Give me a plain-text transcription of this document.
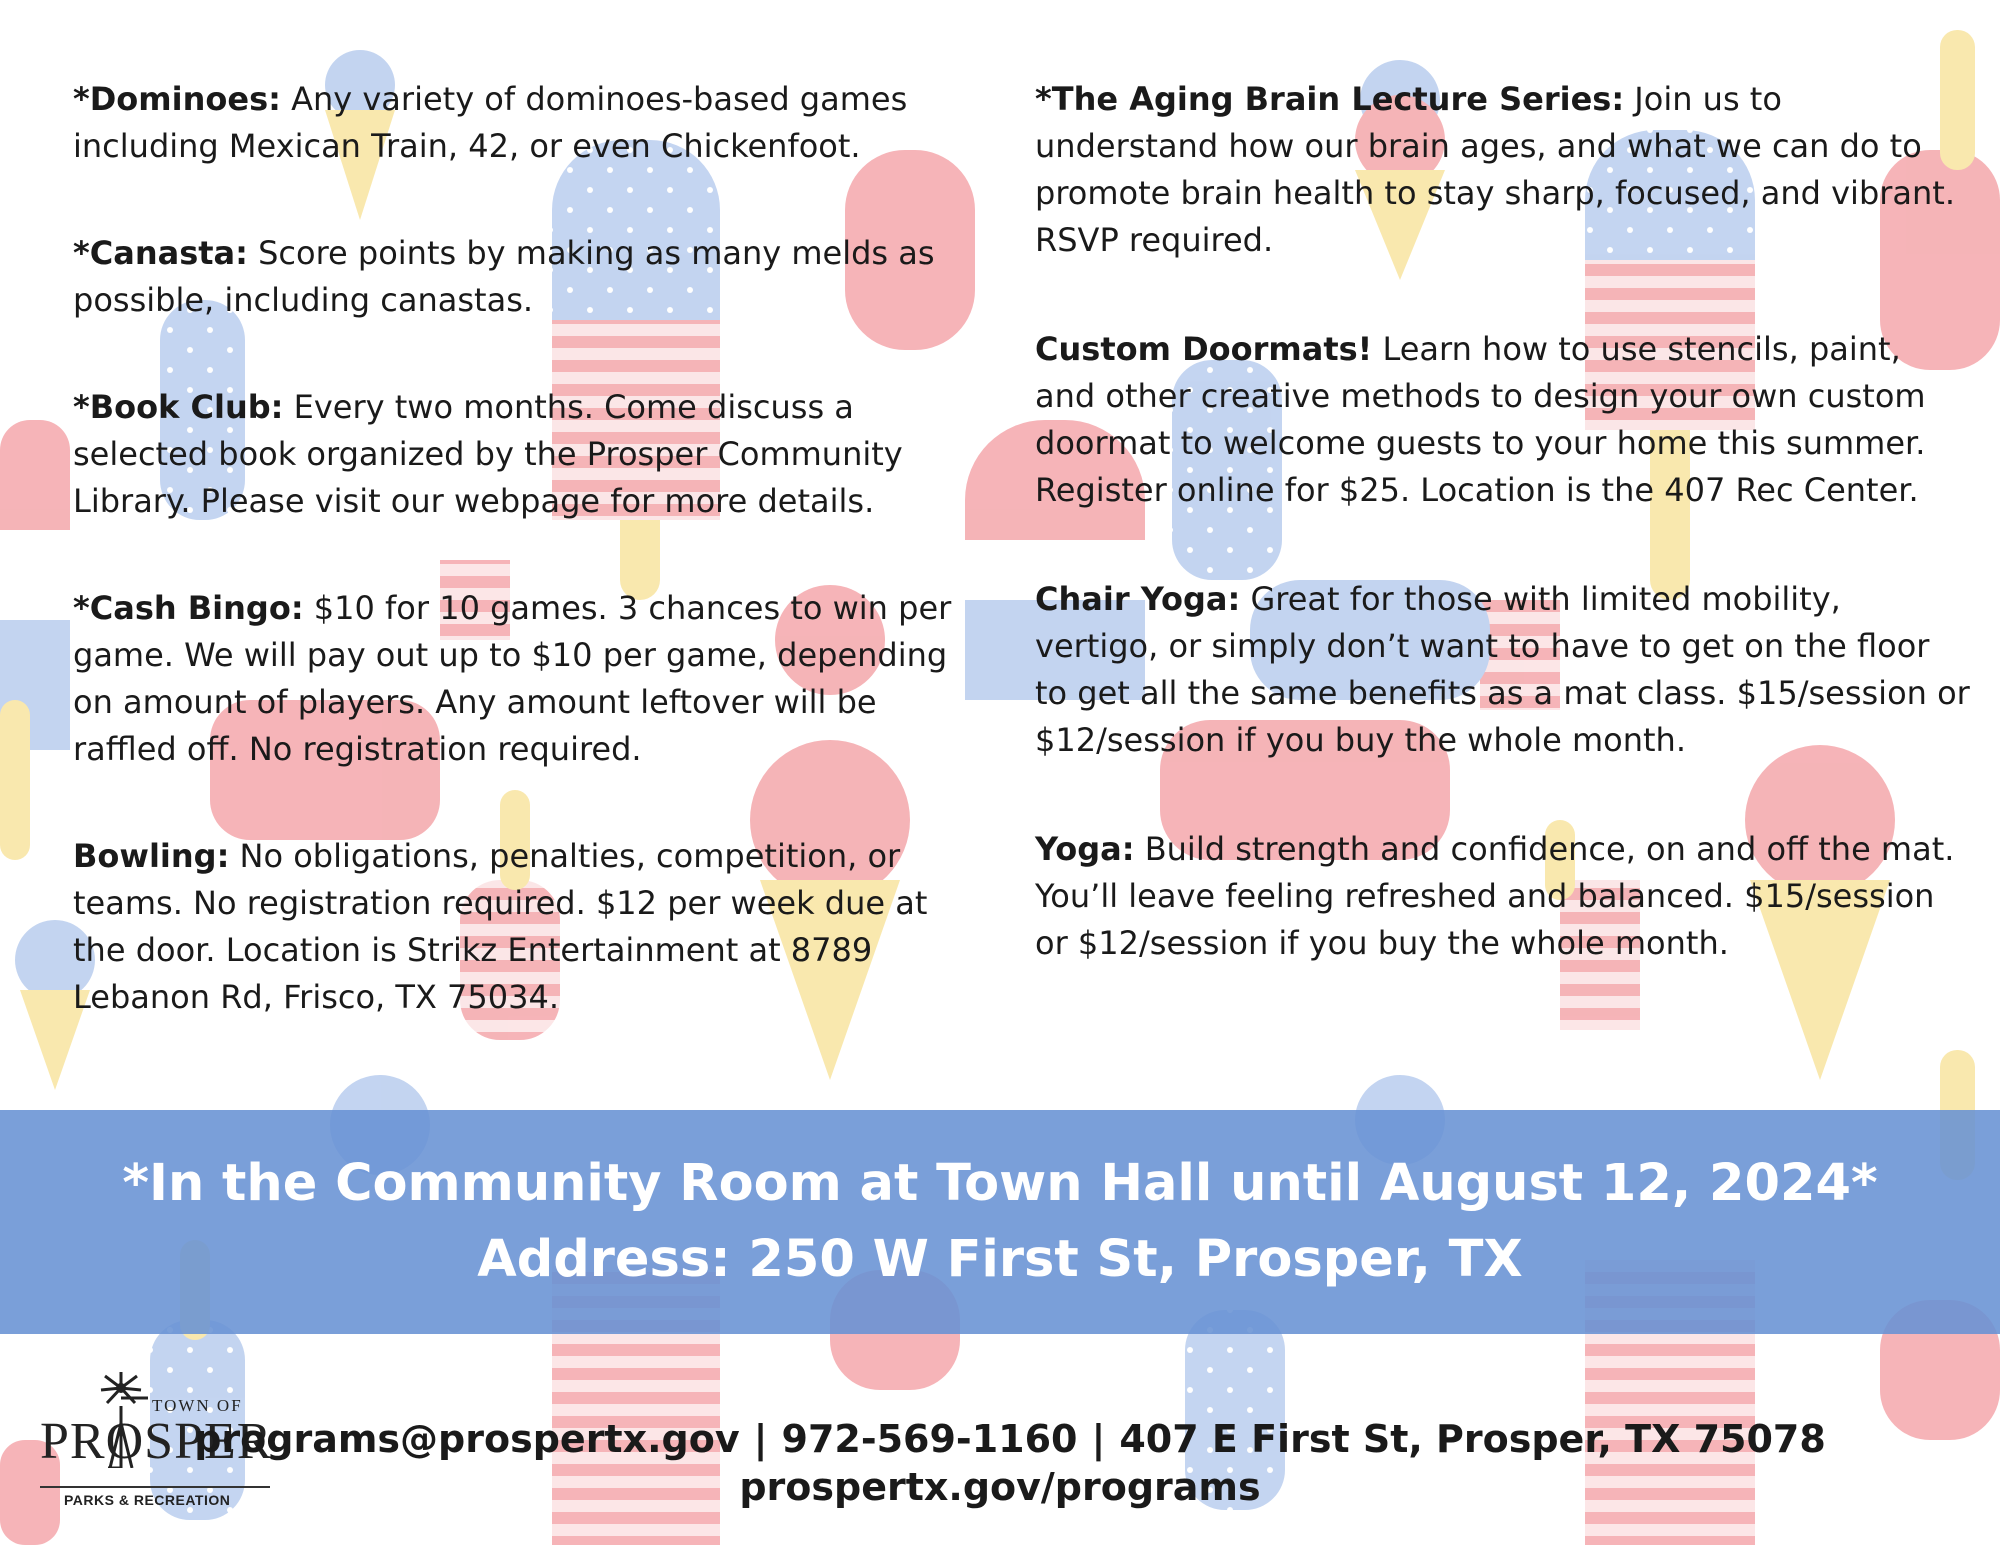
*Dominoes: Any variety of dominoes-based games including Mexican Train, 42, or even Chickenfoot.

*Canasta: Score points by making as many melds as possible, including canastas.

*Book Club: Every two months. Come discuss a selected book organized by the Prosper Community Library. Please visit our webpage for more details.

*Cash Bingo: $10 for 10 games. 3 chances to win per game. We will pay out up to $10 per game, depending on amount of players. Any amount leftover will be raffled off. No registration required.

Bowling: No obligations, penalties, competition, or teams. No registration required. $12 per week due at the door. Location is Strikz Entertainment at 8789 Lebanon Rd, Frisco, TX 75034.

*The Aging Brain Lecture Series: Join us to understand how our brain ages, and what we can do to promote brain health to stay sharp, focused, and vibrant. RSVP required.

Custom Doormats! Learn how to use stencils, paint, and other creative methods to design your own custom doormat to welcome guests to your home this summer. Register online for $25. Location is the 407 Rec Center.

Chair Yoga: Great for those with limited mobility, vertigo, or simply don’t want to have to get on the floor to get all the same benefits as a mat class. $15/session or $12/session if you buy the whole month.

Yoga: Build strength and confidence, on and off the mat. You’ll leave feeling refreshed and balanced. $15/session or $12/session if you buy the whole month.

*In the Community Room at Town Hall until August 12, 2024*
Address: 250 W First St, Prosper, TX
TOWN OF
PROSPER
PARKS & RECREATION
programs@prospertx.gov | 972-569-1160 | 407 E First St, Prosper, TX 75078
prospertx.gov/programs
